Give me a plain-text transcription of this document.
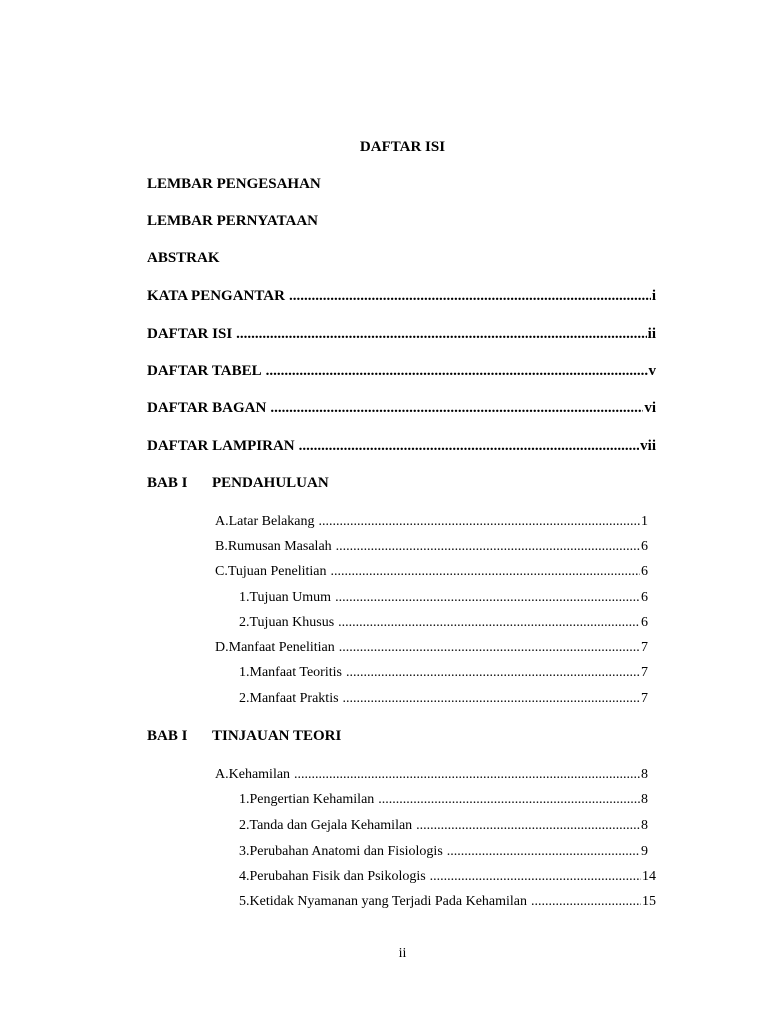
DAFTAR ISI
LEMBAR PENGESAHAN
LEMBAR PERNYATAAN
ABSTRAK
KATA PENGANTAR .....	i
DAFTAR ISI .....	ii
DAFTAR TABEL .....	v
DAFTAR BAGAN .....	vi
DAFTAR LAMPIRAN .....	vii
BAB I	PENDAHULUAN
A. Latar Belakang .....	1
B. Rumusan Masalah .....	6
C. Tujuan Penelitian .....	6
1. Tujuan Umum .....	6
2. Tujuan Khusus .....	6
D. Manfaat Penelitian .....	7
1. Manfaat Teoritis .....	7
2. Manfaat Praktis .....	7
BAB I	TINJAUAN TEORI
A. Kehamilan .....	8
1. Pengertian Kehamilan .....	8
2. Tanda dan Gejala Kehamilan .....	8
3. Perubahan Anatomi dan Fisiologis .....	9
4. Perubahan Fisik dan Psikologis .....	14
5. Ketidak Nyamanan yang Terjadi Pada Kehamilan .....	15
ii
